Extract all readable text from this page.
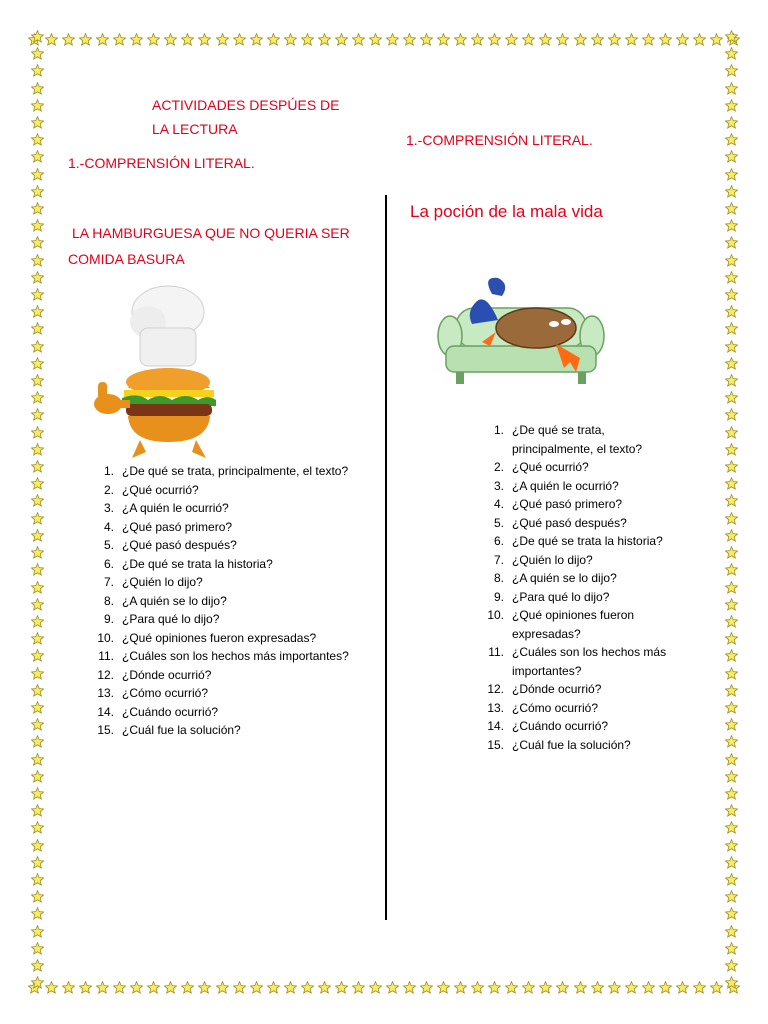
ACTIVIDADES DESPÚES DE
LA LECTURA
1.-COMPRENSIÓN LITERAL.
LA HAMBURGUESA QUE NO QUERIA SER
COMIDA BASURA
1.-COMPRENSIÓN LITERAL.
La poción de la mala vida
1. ¿De qué se trata, principalmente, el texto?
2. ¿Qué ocurrió?
3. ¿A quién le ocurrió?
4. ¿Qué pasó primero?
5. ¿Qué pasó después?
6. ¿De qué se trata la historia?
7. ¿Quién lo dijo?
8. ¿A quién se lo dijo?
9. ¿Para qué lo dijo?
10. ¿Qué opiniones fueron expresadas?
11. ¿Cuáles son los hechos más importantes?
12. ¿Dónde ocurrió?
13. ¿Cómo ocurrió?
14. ¿Cuándo ocurrió?
15. ¿Cuál fue la solución?
1. ¿De qué se trata,
principalmente, el texto?
2. ¿Qué ocurrió?
3. ¿A quién le ocurrió?
4. ¿Qué pasó primero?
5. ¿Qué pasó después?
6. ¿De qué se trata la historia?
7. ¿Quién lo dijo?
8. ¿A quién se lo dijo?
9. ¿Para qué lo dijo?
10. ¿Qué opiniones fueron
expresadas?
11. ¿Cuáles son los hechos más
importantes?
12. ¿Dónde ocurrió?
13. ¿Cómo ocurrió?
14. ¿Cuándo ocurrió?
15. ¿Cuál fue la solución?
